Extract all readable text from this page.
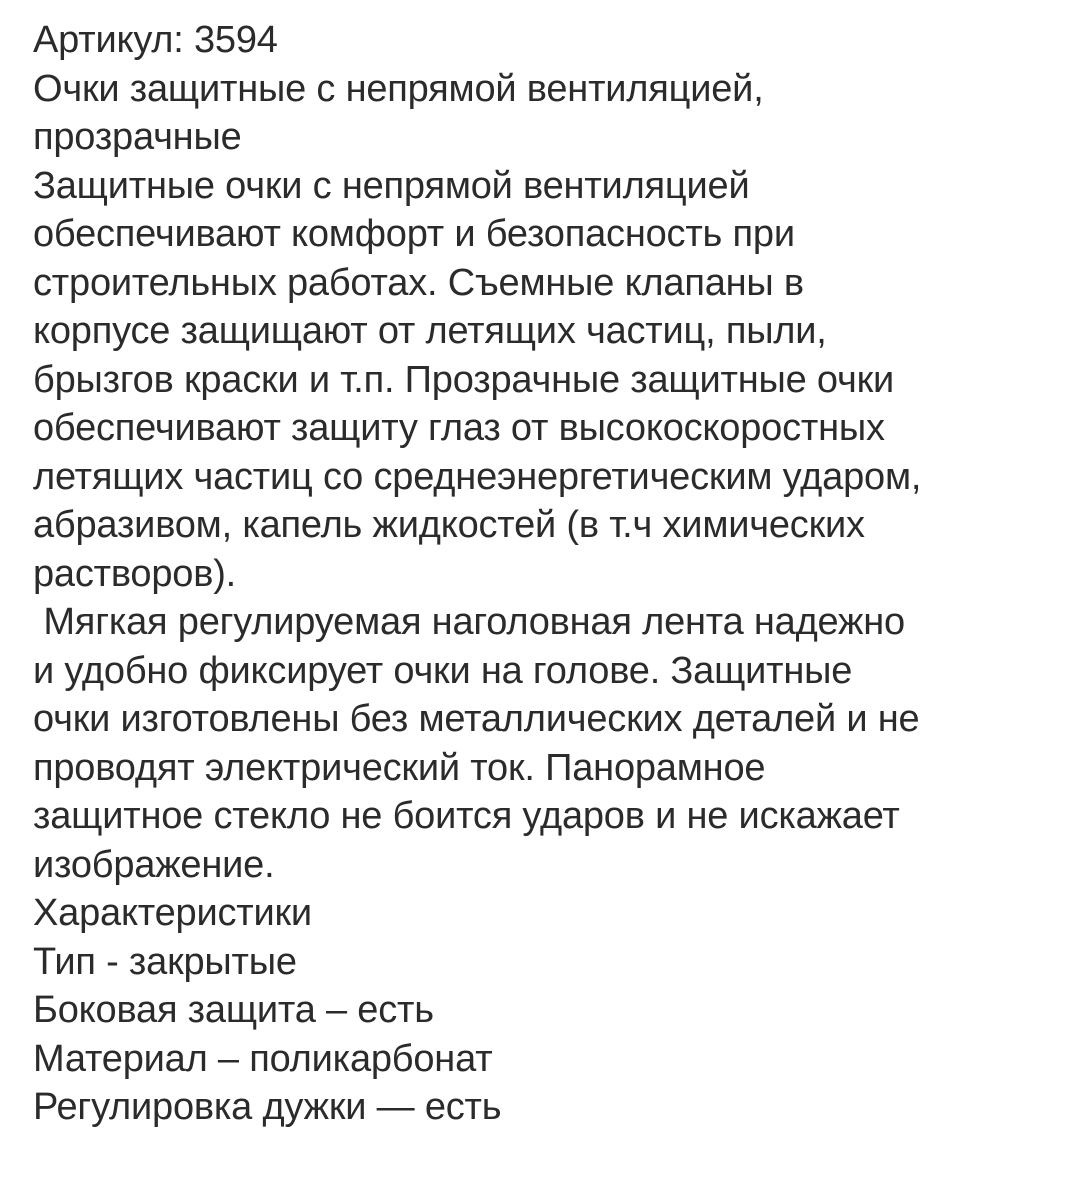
Артикул: 3594
Очки защитные с непрямой вентиляцией,
прозрачные
Защитные очки с непрямой вентиляцией
обеспечивают комфорт и безопасность при
строительных работах. Съемные клапаны в
корпусе защищают от летящих частиц, пыли,
брызгов краски и т.п. Прозрачные защитные очки
обеспечивают защиту глаз от высокоскоростных
летящих частиц со среднеэнергетическим ударом,
абразивом, капель жидкостей (в т.ч химических
растворов).
Мягкая регулируемая наголовная лента надежно
и удобно фиксирует очки на голове. Защитные
очки изготовлены без металлических деталей и не
проводят электрический ток. Панорамное
защитное стекло не боится ударов и не искажает
изображение.
Характеристики
Тип - закрытые
Боковая защита – есть
Материал – поликарбонат
Регулировка дужки — есть
